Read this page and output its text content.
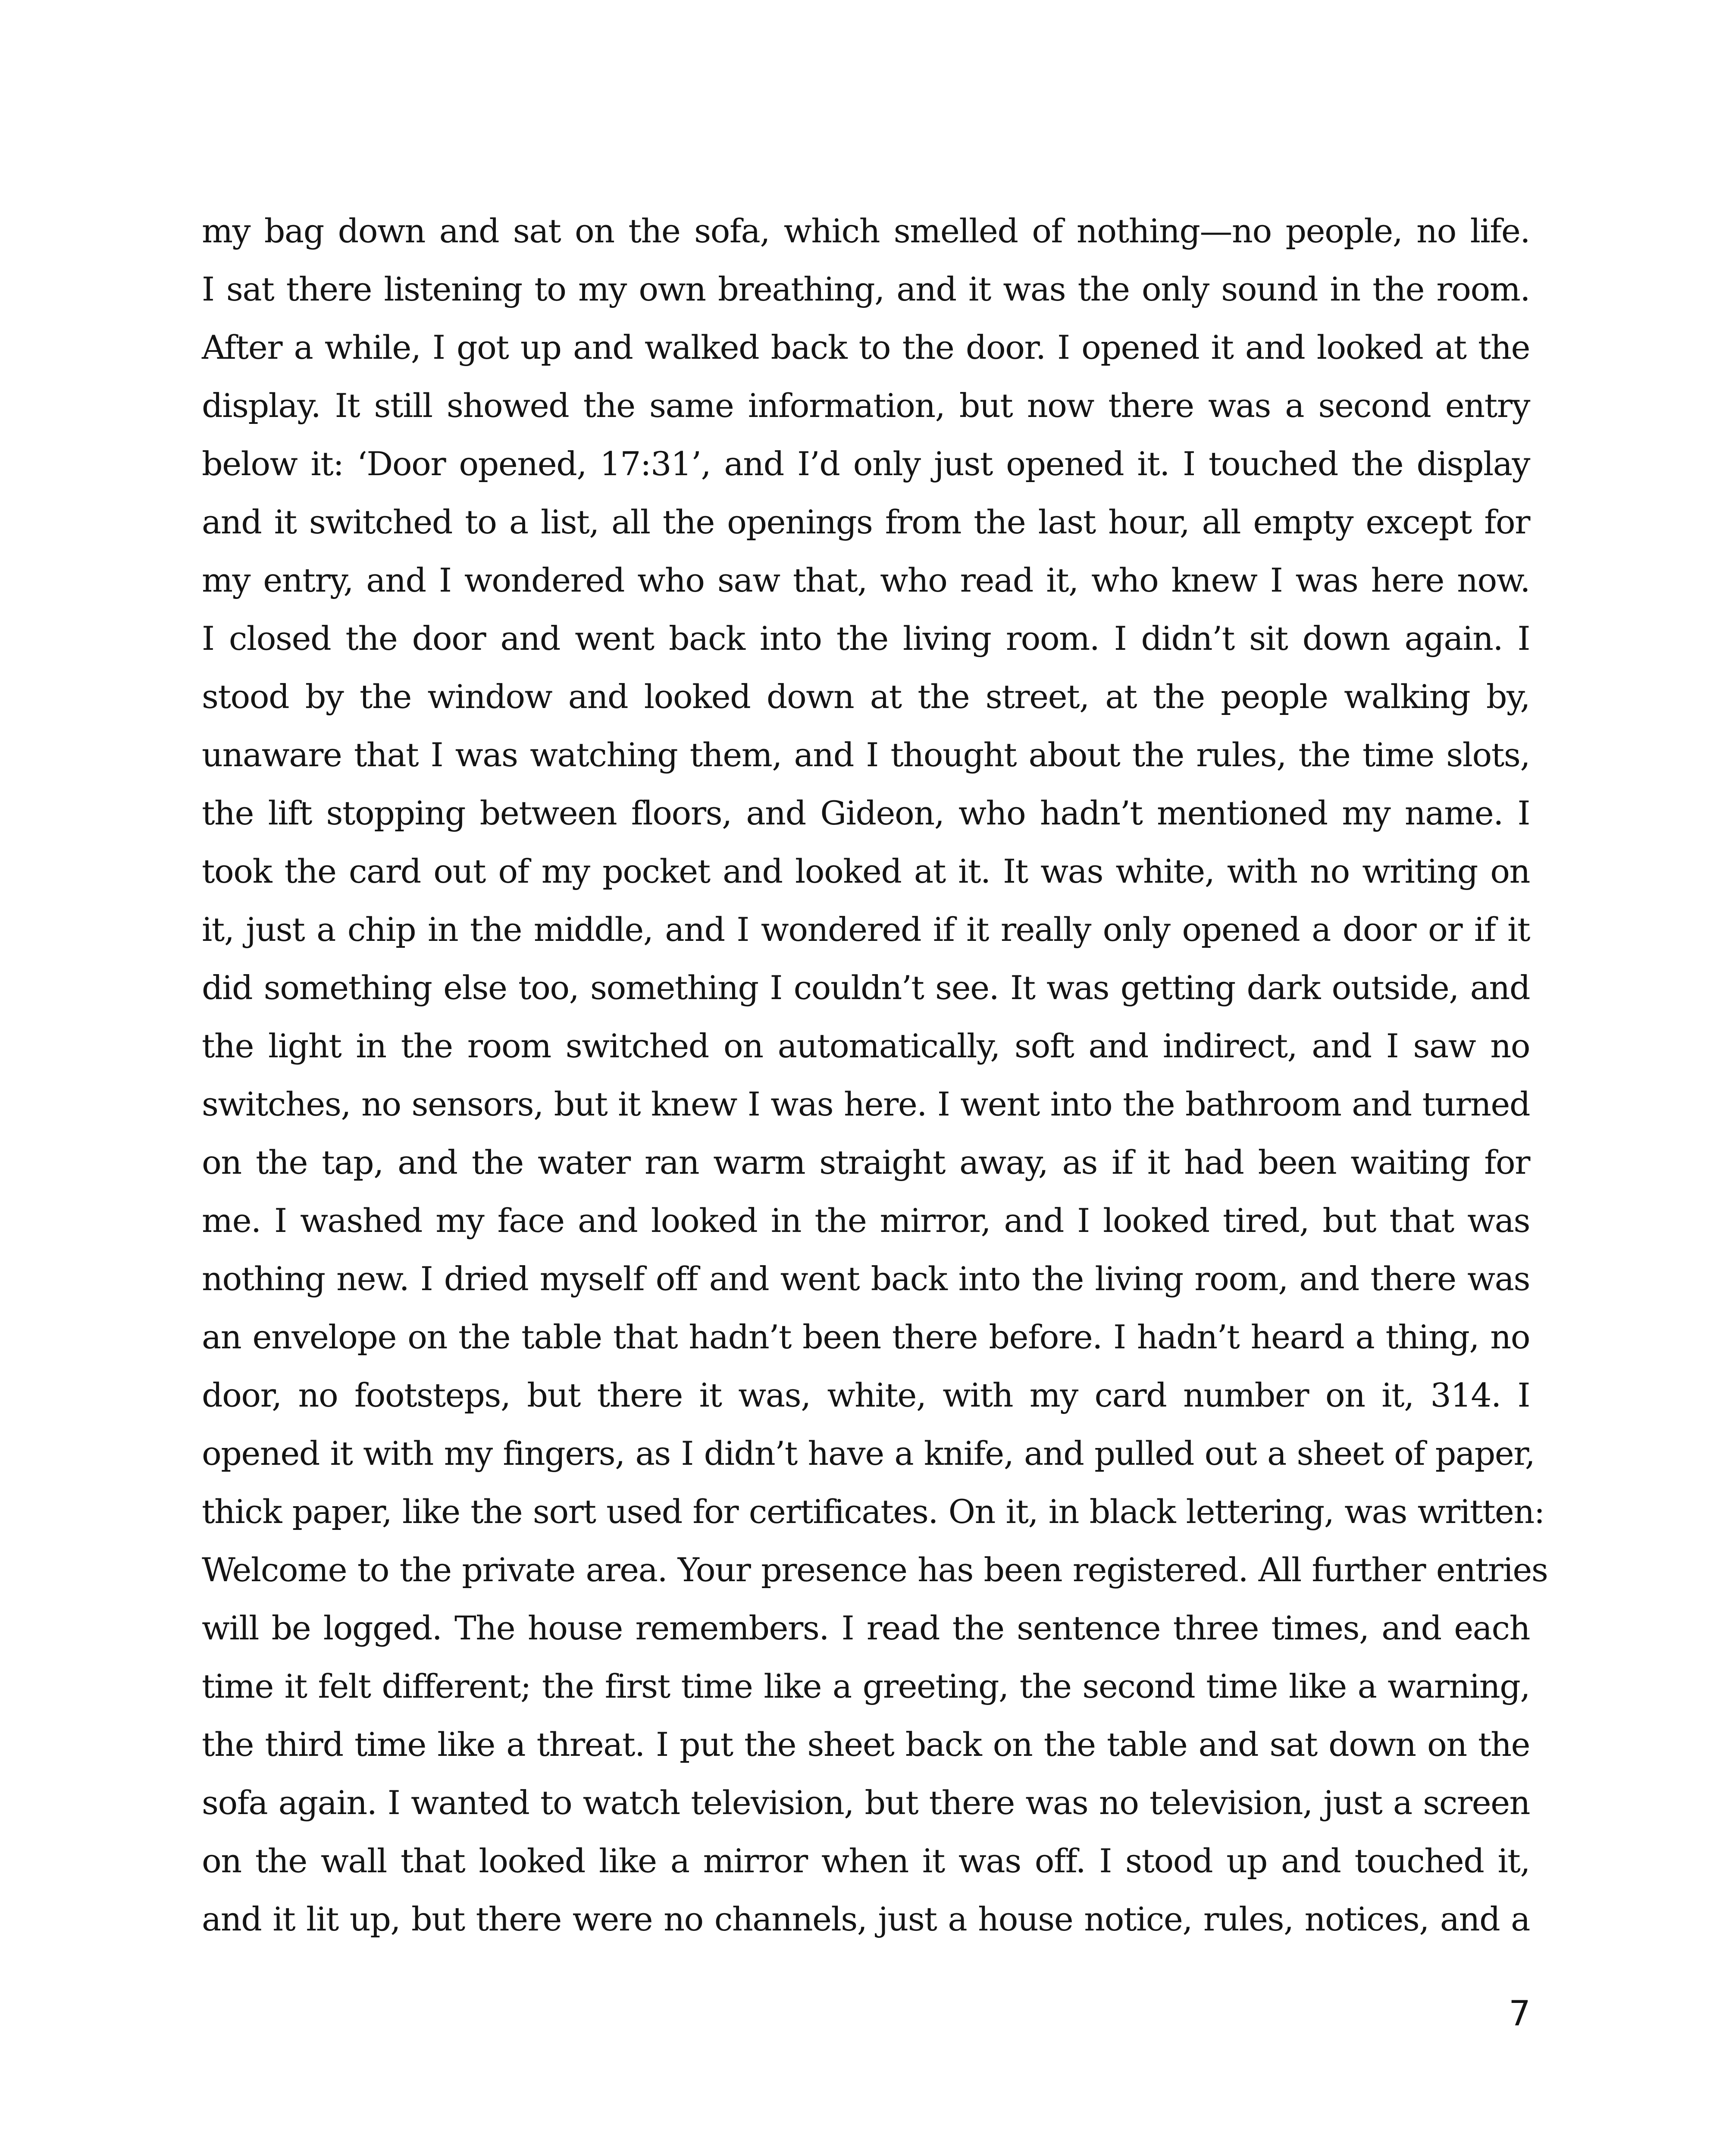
my bag down and sat on the sofa, which smelled of nothing—no people, no life.
I sat there listening to my own breathing, and it was the only sound in the room.
After a while, I got up and walked back to the door. I opened it and looked at the
display. It still showed the same information, but now there was a second entry
below it: ‘Door opened, 17:31’, and I’d only just opened it. I touched the display
and it switched to a list, all the openings from the last hour, all empty except for
my entry, and I wondered who saw that, who read it, who knew I was here now.
I closed the door and went back into the living room. I didn’t sit down again. I
stood by the window and looked down at the street, at the people walking by,
unaware that I was watching them, and I thought about the rules, the time slots,
the lift stopping between floors, and Gideon, who hadn’t mentioned my name. I
took the card out of my pocket and looked at it. It was white, with no writing on
it, just a chip in the middle, and I wondered if it really only opened a door or if it
did something else too, something I couldn’t see. It was getting dark outside, and
the light in the room switched on automatically, soft and indirect, and I saw no
switches, no sensors, but it knew I was here. I went into the bathroom and turned
on the tap, and the water ran warm straight away, as if it had been waiting for
me. I washed my face and looked in the mirror, and I looked tired, but that was
nothing new. I dried myself off and went back into the living room, and there was
an envelope on the table that hadn’t been there before. I hadn’t heard a thing, no
door, no footsteps, but there it was, white, with my card number on it, 314. I
opened it with my fingers, as I didn’t have a knife, and pulled out a sheet of paper,
thick paper, like the sort used for certificates. On it, in black lettering, was written:
Welcome to the private area. Your presence has been registered. All further entries
will be logged. The house remembers. I read the sentence three times, and each
time it felt different; the first time like a greeting, the second time like a warning,
the third time like a threat. I put the sheet back on the table and sat down on the
sofa again. I wanted to watch television, but there was no television, just a screen
on the wall that looked like a mirror when it was off. I stood up and touched it,
and it lit up, but there were no channels, just a house notice, rules, notices, and a
7
